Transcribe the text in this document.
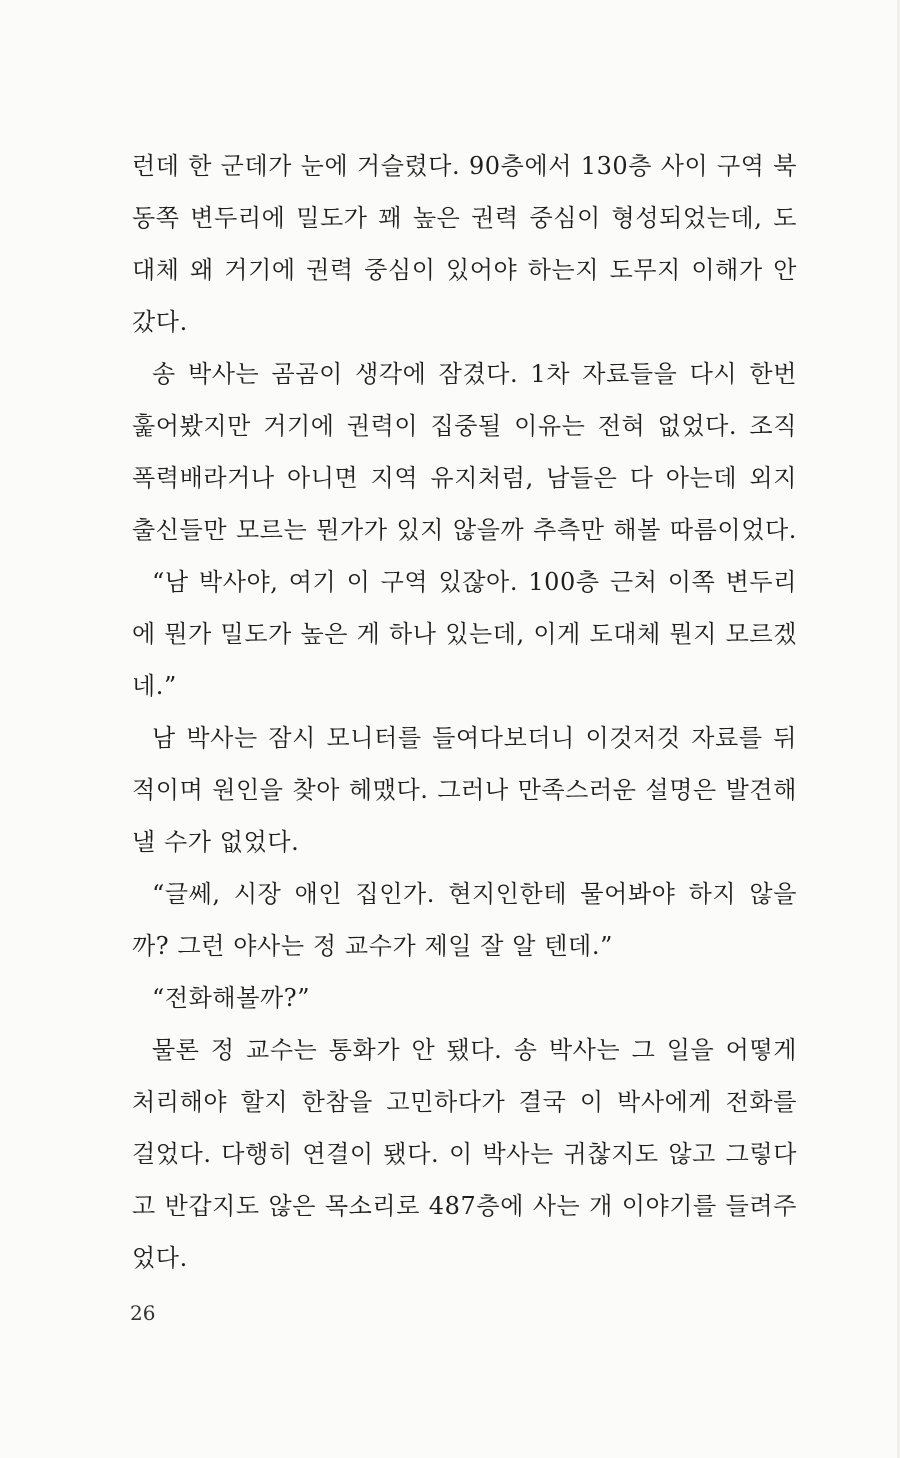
런데 한 군데가 눈에 거슬렸다. 90층에서 130층 사이 구역 북
동쪽 변두리에 밀도가 꽤 높은 권력 중심이 형성되었는데, 도
대체 왜 거기에 권력 중심이 있어야 하는지 도무지 이해가 안
갔다.
송 박사는 곰곰이 생각에 잠겼다. 1차 자료들을 다시 한번
훑어봤지만 거기에 권력이 집중될 이유는 전혀 없었다. 조직
폭력배라거나 아니면 지역 유지처럼, 남들은 다 아는데 외지
출신들만 모르는 뭔가가 있지 않을까 추측만 해볼 따름이었다.
“남 박사야, 여기 이 구역 있잖아. 100층 근처 이쪽 변두리
에 뭔가 밀도가 높은 게 하나 있는데, 이게 도대체 뭔지 모르겠
네.”
남 박사는 잠시 모니터를 들여다보더니 이것저것 자료를 뒤
적이며 원인을 찾아 헤맸다. 그러나 만족스러운 설명은 발견해
낼 수가 없었다.
“글쎄, 시장 애인 집인가. 현지인한테 물어봐야 하지 않을
까? 그런 야사는 정 교수가 제일 잘 알 텐데.”
“전화해볼까?”
물론 정 교수는 통화가 안 됐다. 송 박사는 그 일을 어떻게
처리해야 할지 한참을 고민하다가 결국 이 박사에게 전화를
걸었다. 다행히 연결이 됐다. 이 박사는 귀찮지도 않고 그렇다
고 반갑지도 않은 목소리로 487층에 사는 개 이야기를 들려주
었다.
26
